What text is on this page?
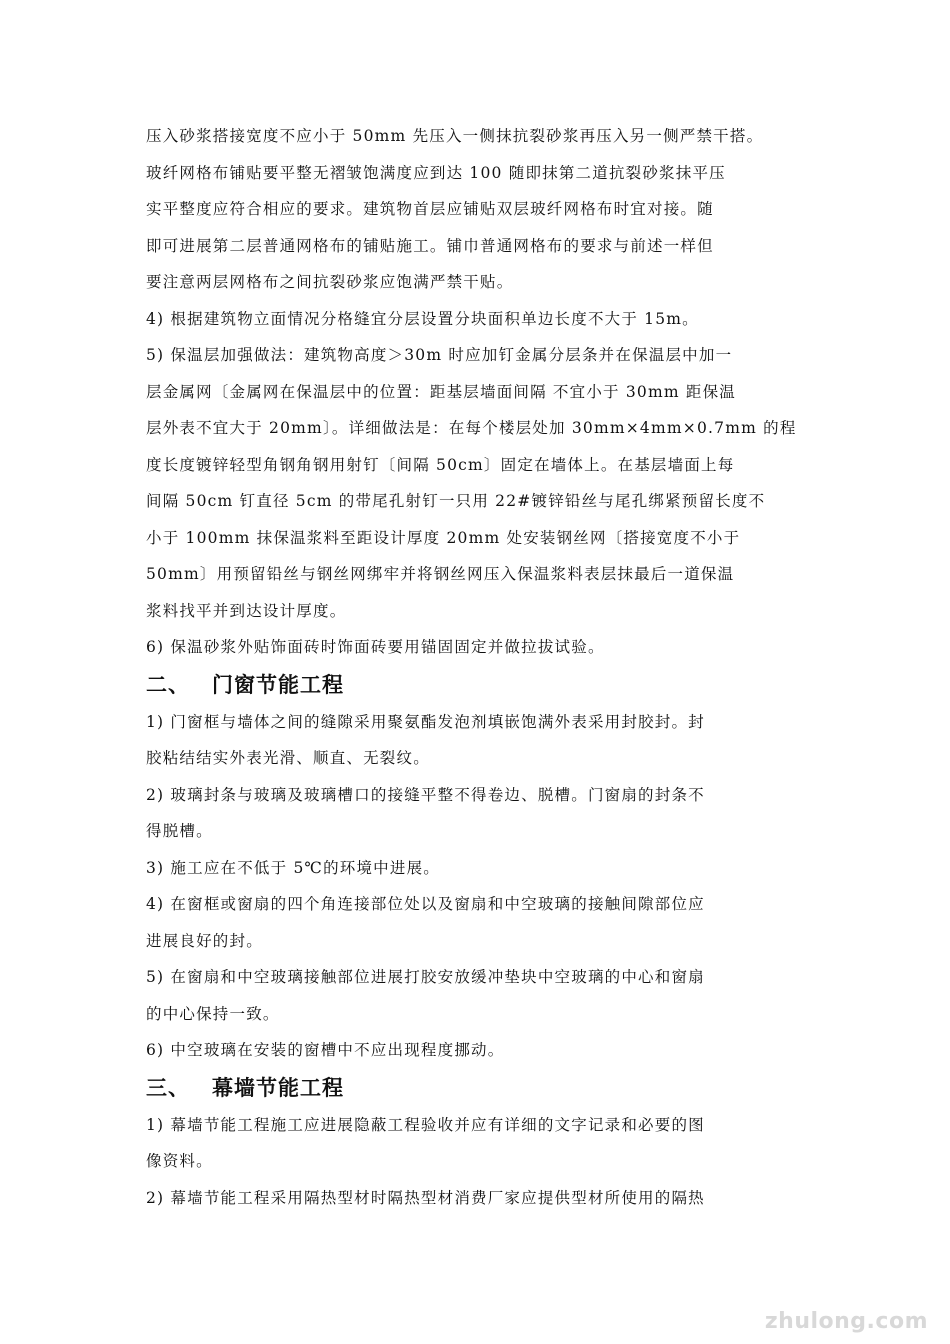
压入砂浆搭接宽度不应小于 50mm 先压入一侧抹抗裂砂浆再压入另一侧严禁干搭。
玻纤网格布铺贴要平整无褶皱饱满度应到达 100 随即抹第二道抗裂砂浆抹平压
实平整度应符合相应的要求。建筑物首层应铺贴双层玻纤网格布时宜对接。随
即可进展第二层普通网格布的铺贴施工。铺巾普通网格布的要求与前述一样但
要注意两层网格布之间抗裂砂浆应饱满严禁干贴。
4) 根据建筑物立面情况分格缝宜分层设置分块面积单边长度不大于 15m。
5) 保温层加强做法：建筑物高度＞30m 时应加钉金属分层条并在保温层中加一
层金属网〔金属网在保温层中的位置：距基层墙面间隔 不宜小于 30mm 距保温
层外表不宜大于 20mm〕。详细做法是：在每个楼层处加 30mm×4mm×0.7mm 的程
度长度镀锌轻型角钢角钢用射钉〔间隔 50cm〕固定在墙体上。在基层墙面上每
间隔 50cm 钉直径 5cm 的带尾孔射钉一只用 22#镀锌铅丝与尾孔绑紧预留长度不
小于 100mm 抹保温浆料至距设计厚度 20mm 处安装钢丝网〔搭接宽度不小于
50mm〕用预留铅丝与钢丝网绑牢并将钢丝网压入保温浆料表层抹最后一道保温
浆料找平并到达设计厚度。
6) 保温砂浆外贴饰面砖时饰面砖要用锚固固定并做拉拔试验。
二、 门窗节能工程
1) 门窗框与墙体之间的缝隙采用聚氨酯发泡剂填嵌饱满外表采用封胶封。封
胶粘结结实外表光滑、顺直、无裂纹。
2) 玻璃封条与玻璃及玻璃槽口的接缝平整不得卷边、脱槽。门窗扇的封条不
得脱槽。
3) 施工应在不低于 5℃的环境中进展。
4) 在窗框或窗扇的四个角连接部位处以及窗扇和中空玻璃的接触间隙部位应
进展良好的封。
5) 在窗扇和中空玻璃接触部位进展打胶安放缓冲垫块中空玻璃的中心和窗扇
的中心保持一致。
6) 中空玻璃在安装的窗槽中不应出现程度挪动。
三、 幕墙节能工程
1) 幕墙节能工程施工应进展隐蔽工程验收并应有详细的文字记录和必要的图
像资料。
2) 幕墙节能工程采用隔热型材时隔热型材消费厂家应提供型材所使用的隔热
zhulong.com
